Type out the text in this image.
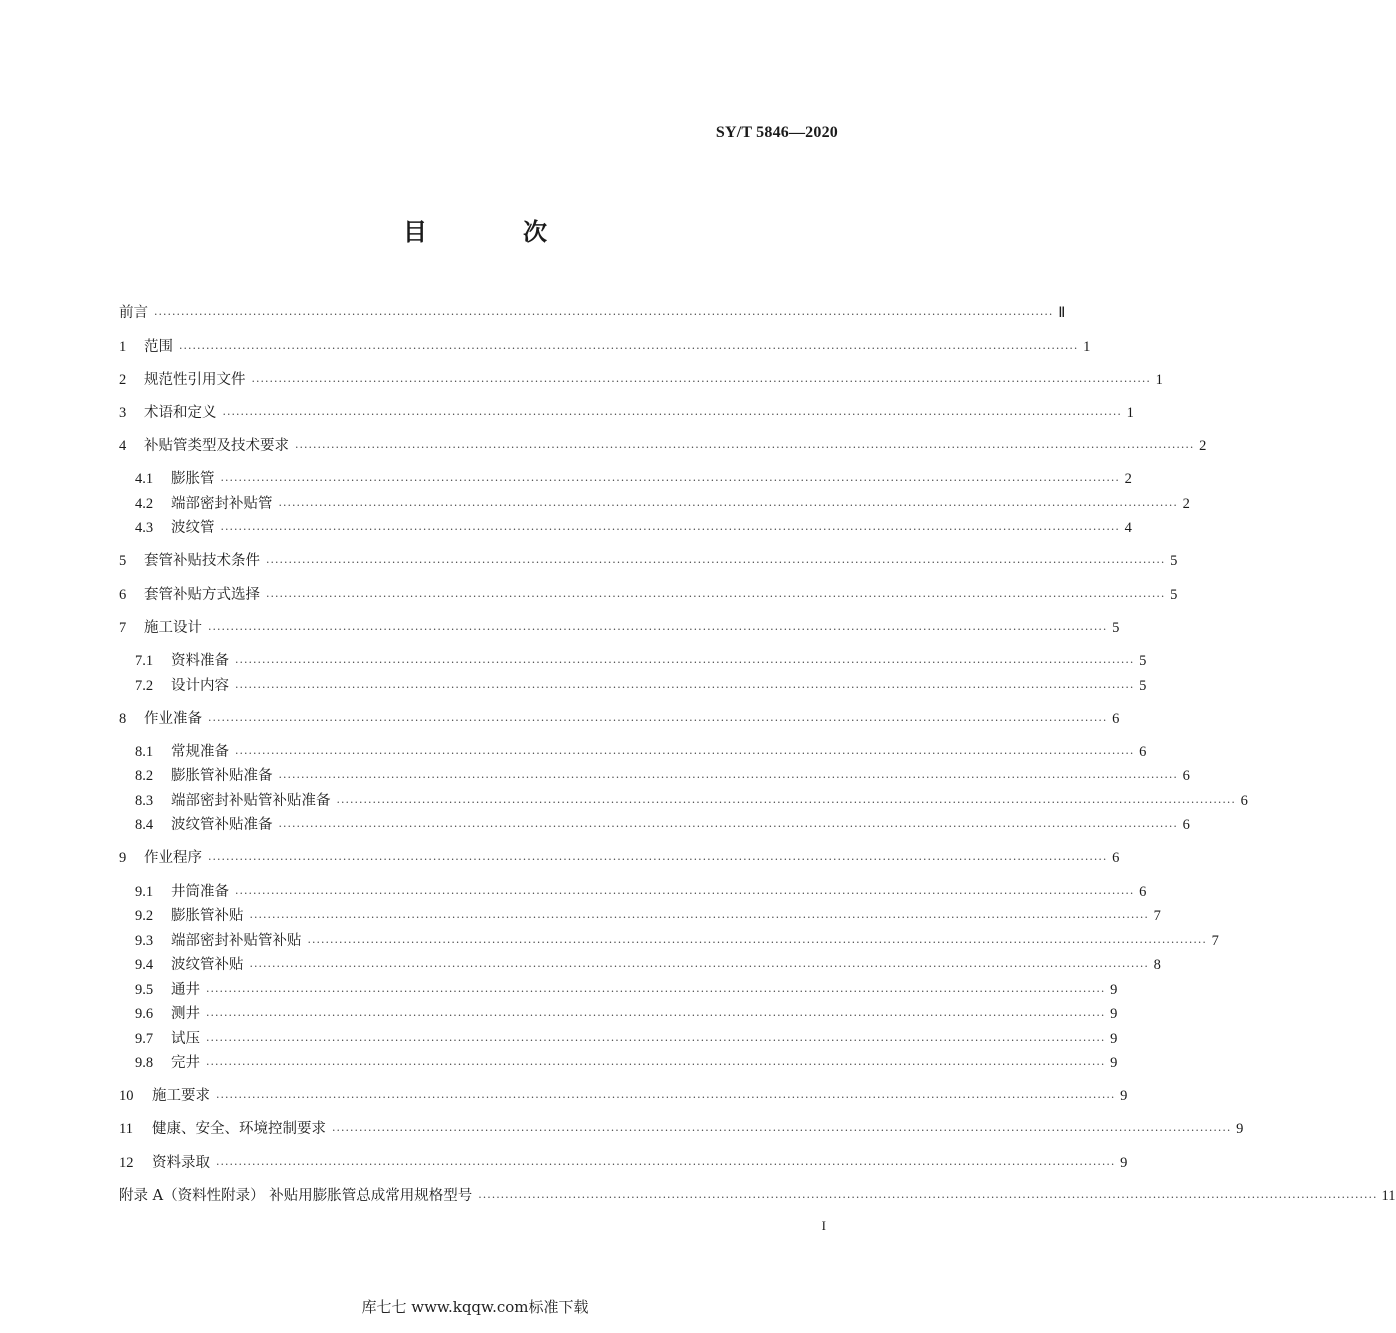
SY/T 5846—2020
目　次
前言 ········································································································································································································ Ⅱ
1	范围 ········································································································································································································ 1
2	规范性引用文件 ········································································································································································································ 1
3	术语和定义 ········································································································································································································ 1
4	补贴管类型及技术要求 ········································································································································································································ 2
4.1	膨胀管 ········································································································································································································ 2
4.2	端部密封补贴管 ········································································································································································································ 2
4.3	波纹管 ········································································································································································································ 4
5	套管补贴技术条件 ········································································································································································································ 5
6	套管补贴方式选择 ········································································································································································································ 5
7	施工设计 ········································································································································································································ 5
7.1	资料准备 ········································································································································································································ 5
7.2	设计内容 ········································································································································································································ 5
8	作业准备 ········································································································································································································ 6
8.1	常规准备 ········································································································································································································ 6
8.2	膨胀管补贴准备 ········································································································································································································ 6
8.3	端部密封补贴管补贴准备 ········································································································································································································ 6
8.4	波纹管补贴准备 ········································································································································································································ 6
9	作业程序 ········································································································································································································ 6
9.1	井筒准备 ········································································································································································································ 6
9.2	膨胀管补贴 ········································································································································································································ 7
9.3	端部密封补贴管补贴 ········································································································································································································ 7
9.4	波纹管补贴 ········································································································································································································ 8
9.5	通井 ········································································································································································································ 9
9.6	测井 ········································································································································································································ 9
9.7	试压 ········································································································································································································ 9
9.8	完井 ········································································································································································································ 9
10	施工要求 ········································································································································································································ 9
11	健康、安全、环境控制要求 ········································································································································································································ 9
12	资料录取 ········································································································································································································ 9
附录 A（资料性附录） 补贴用膨胀管总成常用规格型号 ········································································································································································································ 11
I
库七七 www.kqqw.com标准下载
